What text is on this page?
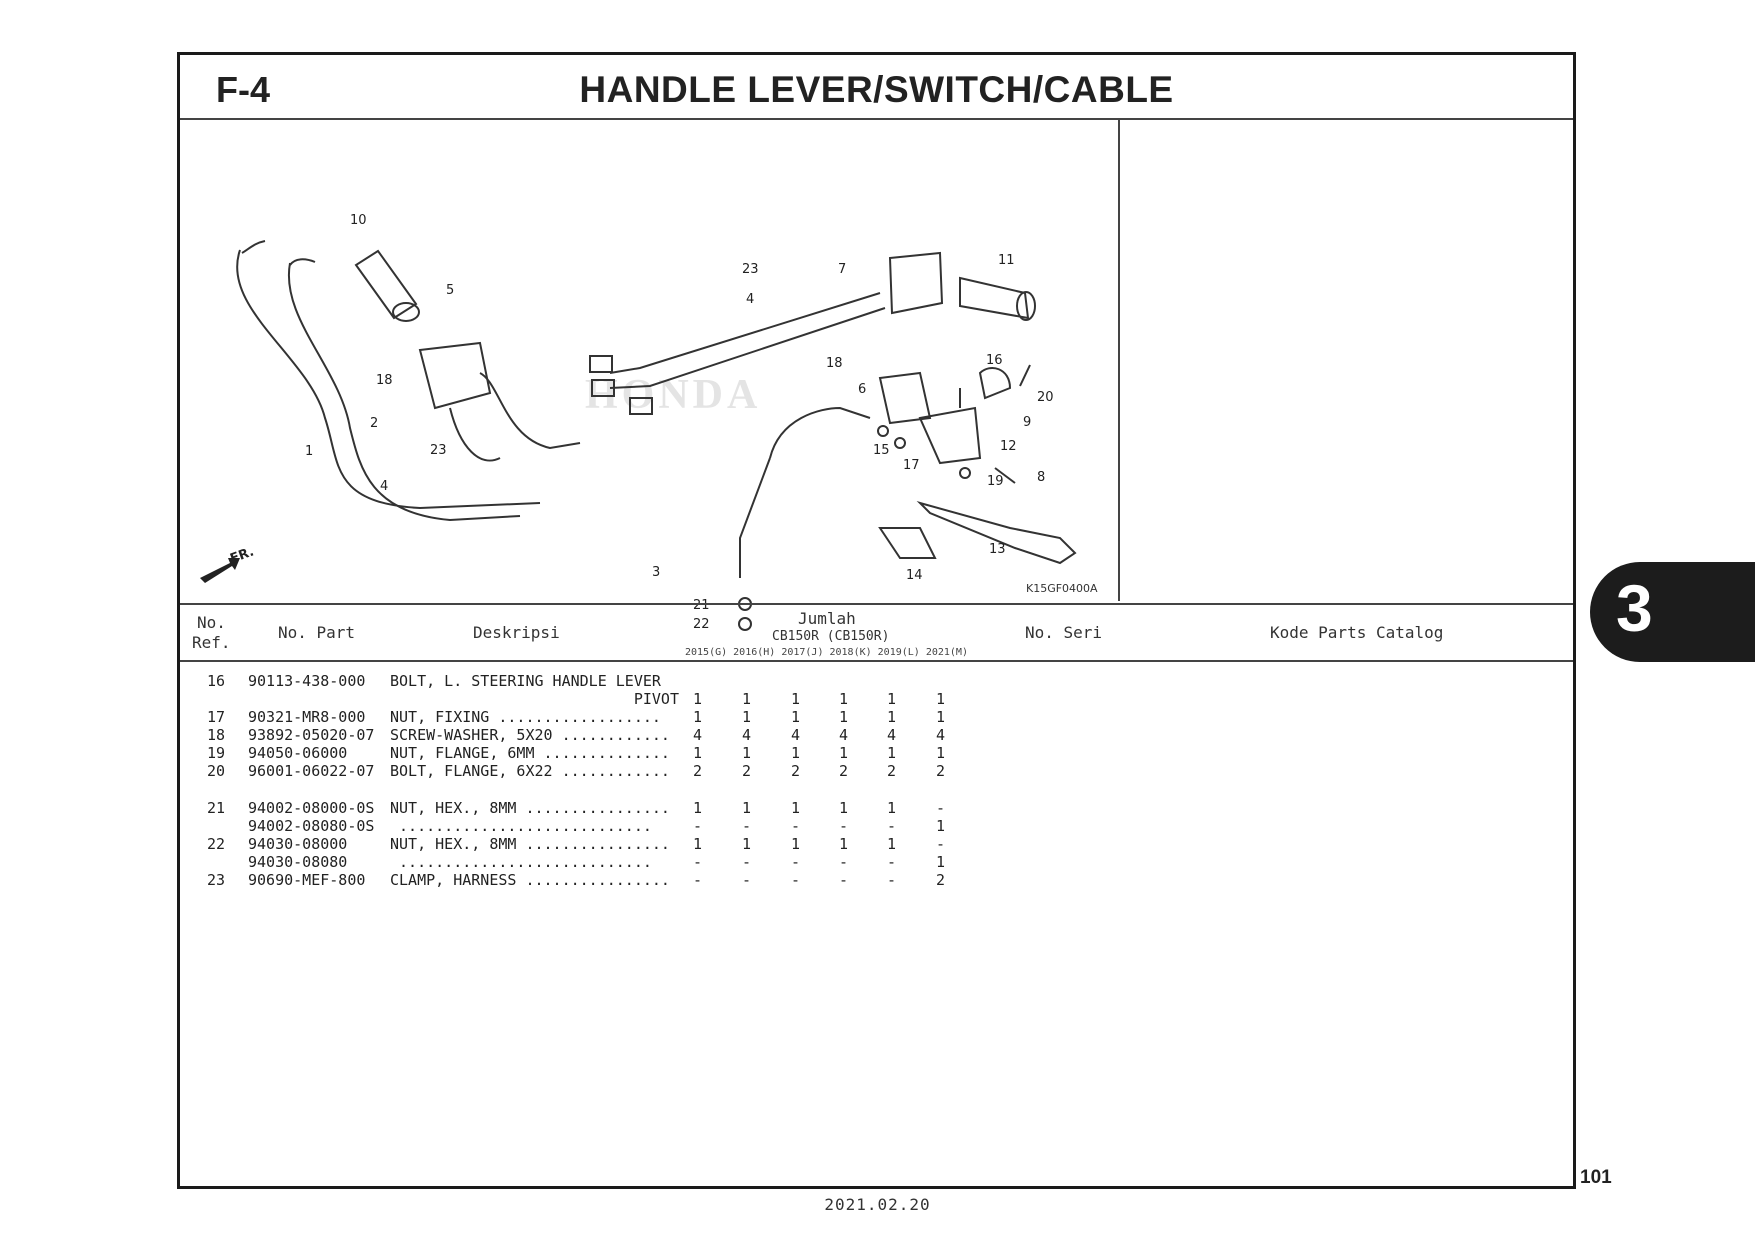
F-4	HANDLE LEVER/SWITCH/CABLE
HONDA
FR.
10
5
18
2
1	23
4
23
4
7
11
16
20
18
6
9
12
15
17
8
19
13
14
3
21
22
K15GF0400A
No.
Ref.
No. Part	Deskripsi
Jumlah
CB150R (CB150R)
2015(G) 2016(H) 2017(J) 2018(K) 2019(L) 2021(M)
No. Seri	Kode Parts Catalog
16 90113-438-000 BOLT, L. STEERING HANDLE LEVER
PIVOT 1	1	1	1	1	1
17 90321-MR8-000 NUT, FIXING .................. 1	1	1	1	1	1
18 93892-05020-07 SCREW-WASHER, 5X20 ............ 4	4	4	4	4	4
19 94050-06000	NUT, FLANGE, 6MM .............. 1	1	1	1	1	1
20 96001-06022-07 BOLT, FLANGE, 6X22 ............ 2	2	2	2	2	2
21 94002-08000-0S NUT, HEX., 8MM ................ 1	1	1	1	1	-
94002-08080-0S ............................	-	-	-	-	-	1
22 94030-08000	NUT, HEX., 8MM ................ 1	1	1	1	1	-
94030-08080	............................	-	-	-	-	-	1
23 90690-MEF-800 CLAMP, HARNESS ................ -	-	-	-	-	2
3
101
2021.02.20
